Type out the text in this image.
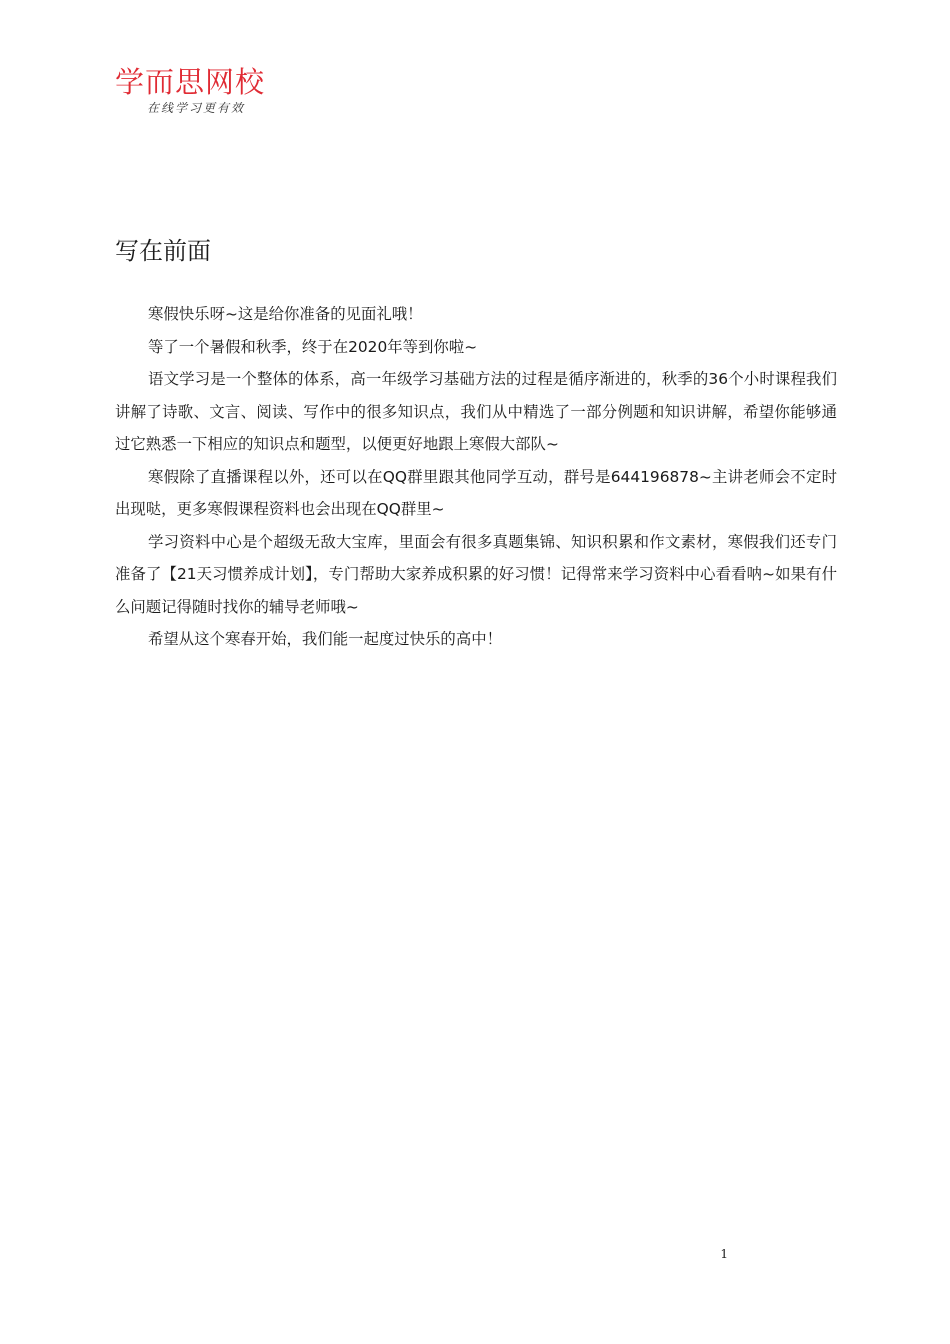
学而思网校
在线学习更有效
写在前面

寒假快乐呀~这是给你准备的见面礼哦！

等了一个暑假和秋季，终于在2020年等到你啦~

语文学习是一个整体的体系，高一年级学习基础方法的过程是循序渐进的，秋季的36个小时课程我们讲解了诗歌、文言、阅读、写作中的很多知识点，我们从中精选了一部分例题和知识讲解，希望你能够通过它熟悉一下相应的知识点和题型，以便更好地跟上寒假大部队~

寒假除了直播课程以外，还可以在QQ群里跟其他同学互动，群号是644196878~主讲老师会不定时出现哒，更多寒假课程资料也会出现在QQ群里~

学习资料中心是个超级无敌大宝库，里面会有很多真题集锦、知识积累和作文素材，寒假我们还专门准备了【21天习惯养成计划】，专门帮助大家养成积累的好习惯！记得常来学习资料中心看看呐~如果有什么问题记得随时找你的辅导老师哦~

希望从这个寒春开始，我们能一起度过快乐的高中！

1
